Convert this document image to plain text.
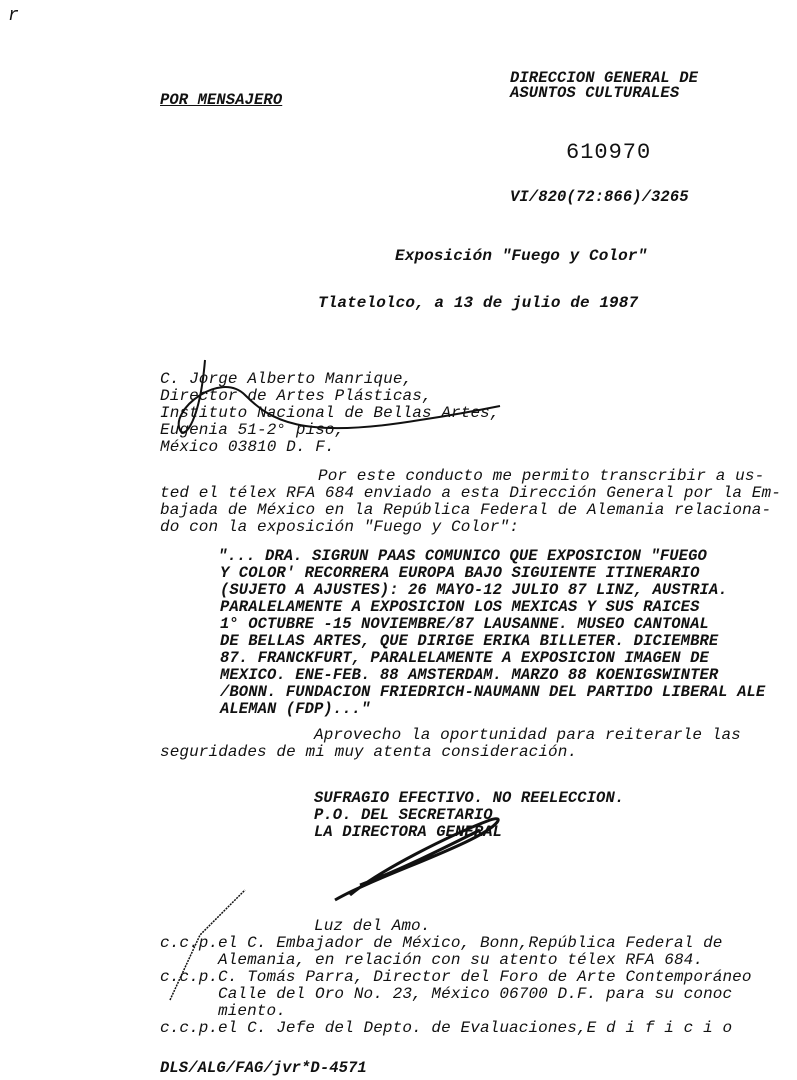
r
POR MENSAJERO
DIRECCION GENERAL DE
ASUNTOS CULTURALES
610970
VI/820(72:866)/3265
Exposición "Fuego y Color"
Tlatelolco, a 13 de julio de 1987
C. Jorge Alberto Manrique,
Director de Artes Plásticas,
Instituto Nacional de Bellas Artes,
Eugenia 51-2° piso,
México 03810 D. F.
Por este conducto me permito transcribir a us-
ted el télex RFA 684 enviado a esta Dirección General por la Em-
bajada de México en la República Federal de Alemania relaciona-
do con la exposición "Fuego y Color":
"... DRA. SIGRUN PAAS COMUNICO QUE EXPOSICION "FUEGO
Y COLOR' RECORRERA EUROPA BAJO SIGUIENTE ITINERARIO
(SUJETO A AJUSTES): 26 MAYO-12 JULIO 87 LINZ, AUSTRIA.
PARALELAMENTE A EXPOSICION LOS MEXICAS Y SUS RAICES
1° OCTUBRE -15 NOVIEMBRE/87 LAUSANNE. MUSEO CANTONAL
DE BELLAS ARTES, QUE DIRIGE ERIKA BILLETER. DICIEMBRE
87. FRANCKFURT, PARALELAMENTE A EXPOSICION IMAGEN DE
MEXICO. ENE-FEB. 88 AMSTERDAM. MARZO 88 KOENIGSWINTER
/BONN. FUNDACION FRIEDRICH-NAUMANN DEL PARTIDO LIBERAL ALE
ALEMAN (FDP)..."
Aprovecho la oportunidad para reiterarle las
seguridades de mi muy atenta consideración.
SUFRAGIO EFECTIVO. NO REELECCION.
P.O. DEL SECRETARIO
LA DIRECTORA GENERAL
Luz del Amo.
c.c.p. el C. Embajador de México, Bonn,República Federal de
Alemania, en relación con su atento télex RFA 684.
c.c.p. C. Tomás Parra, Director del Foro de Arte Contemporáneo
Calle del Oro No. 23, México 06700 D.F. para su conoc
miento.
c.c.p. el C. Jefe del Depto. de Evaluaciones,E d i f i c i o
DLS/ALG/FAG/jvr*D-4571
